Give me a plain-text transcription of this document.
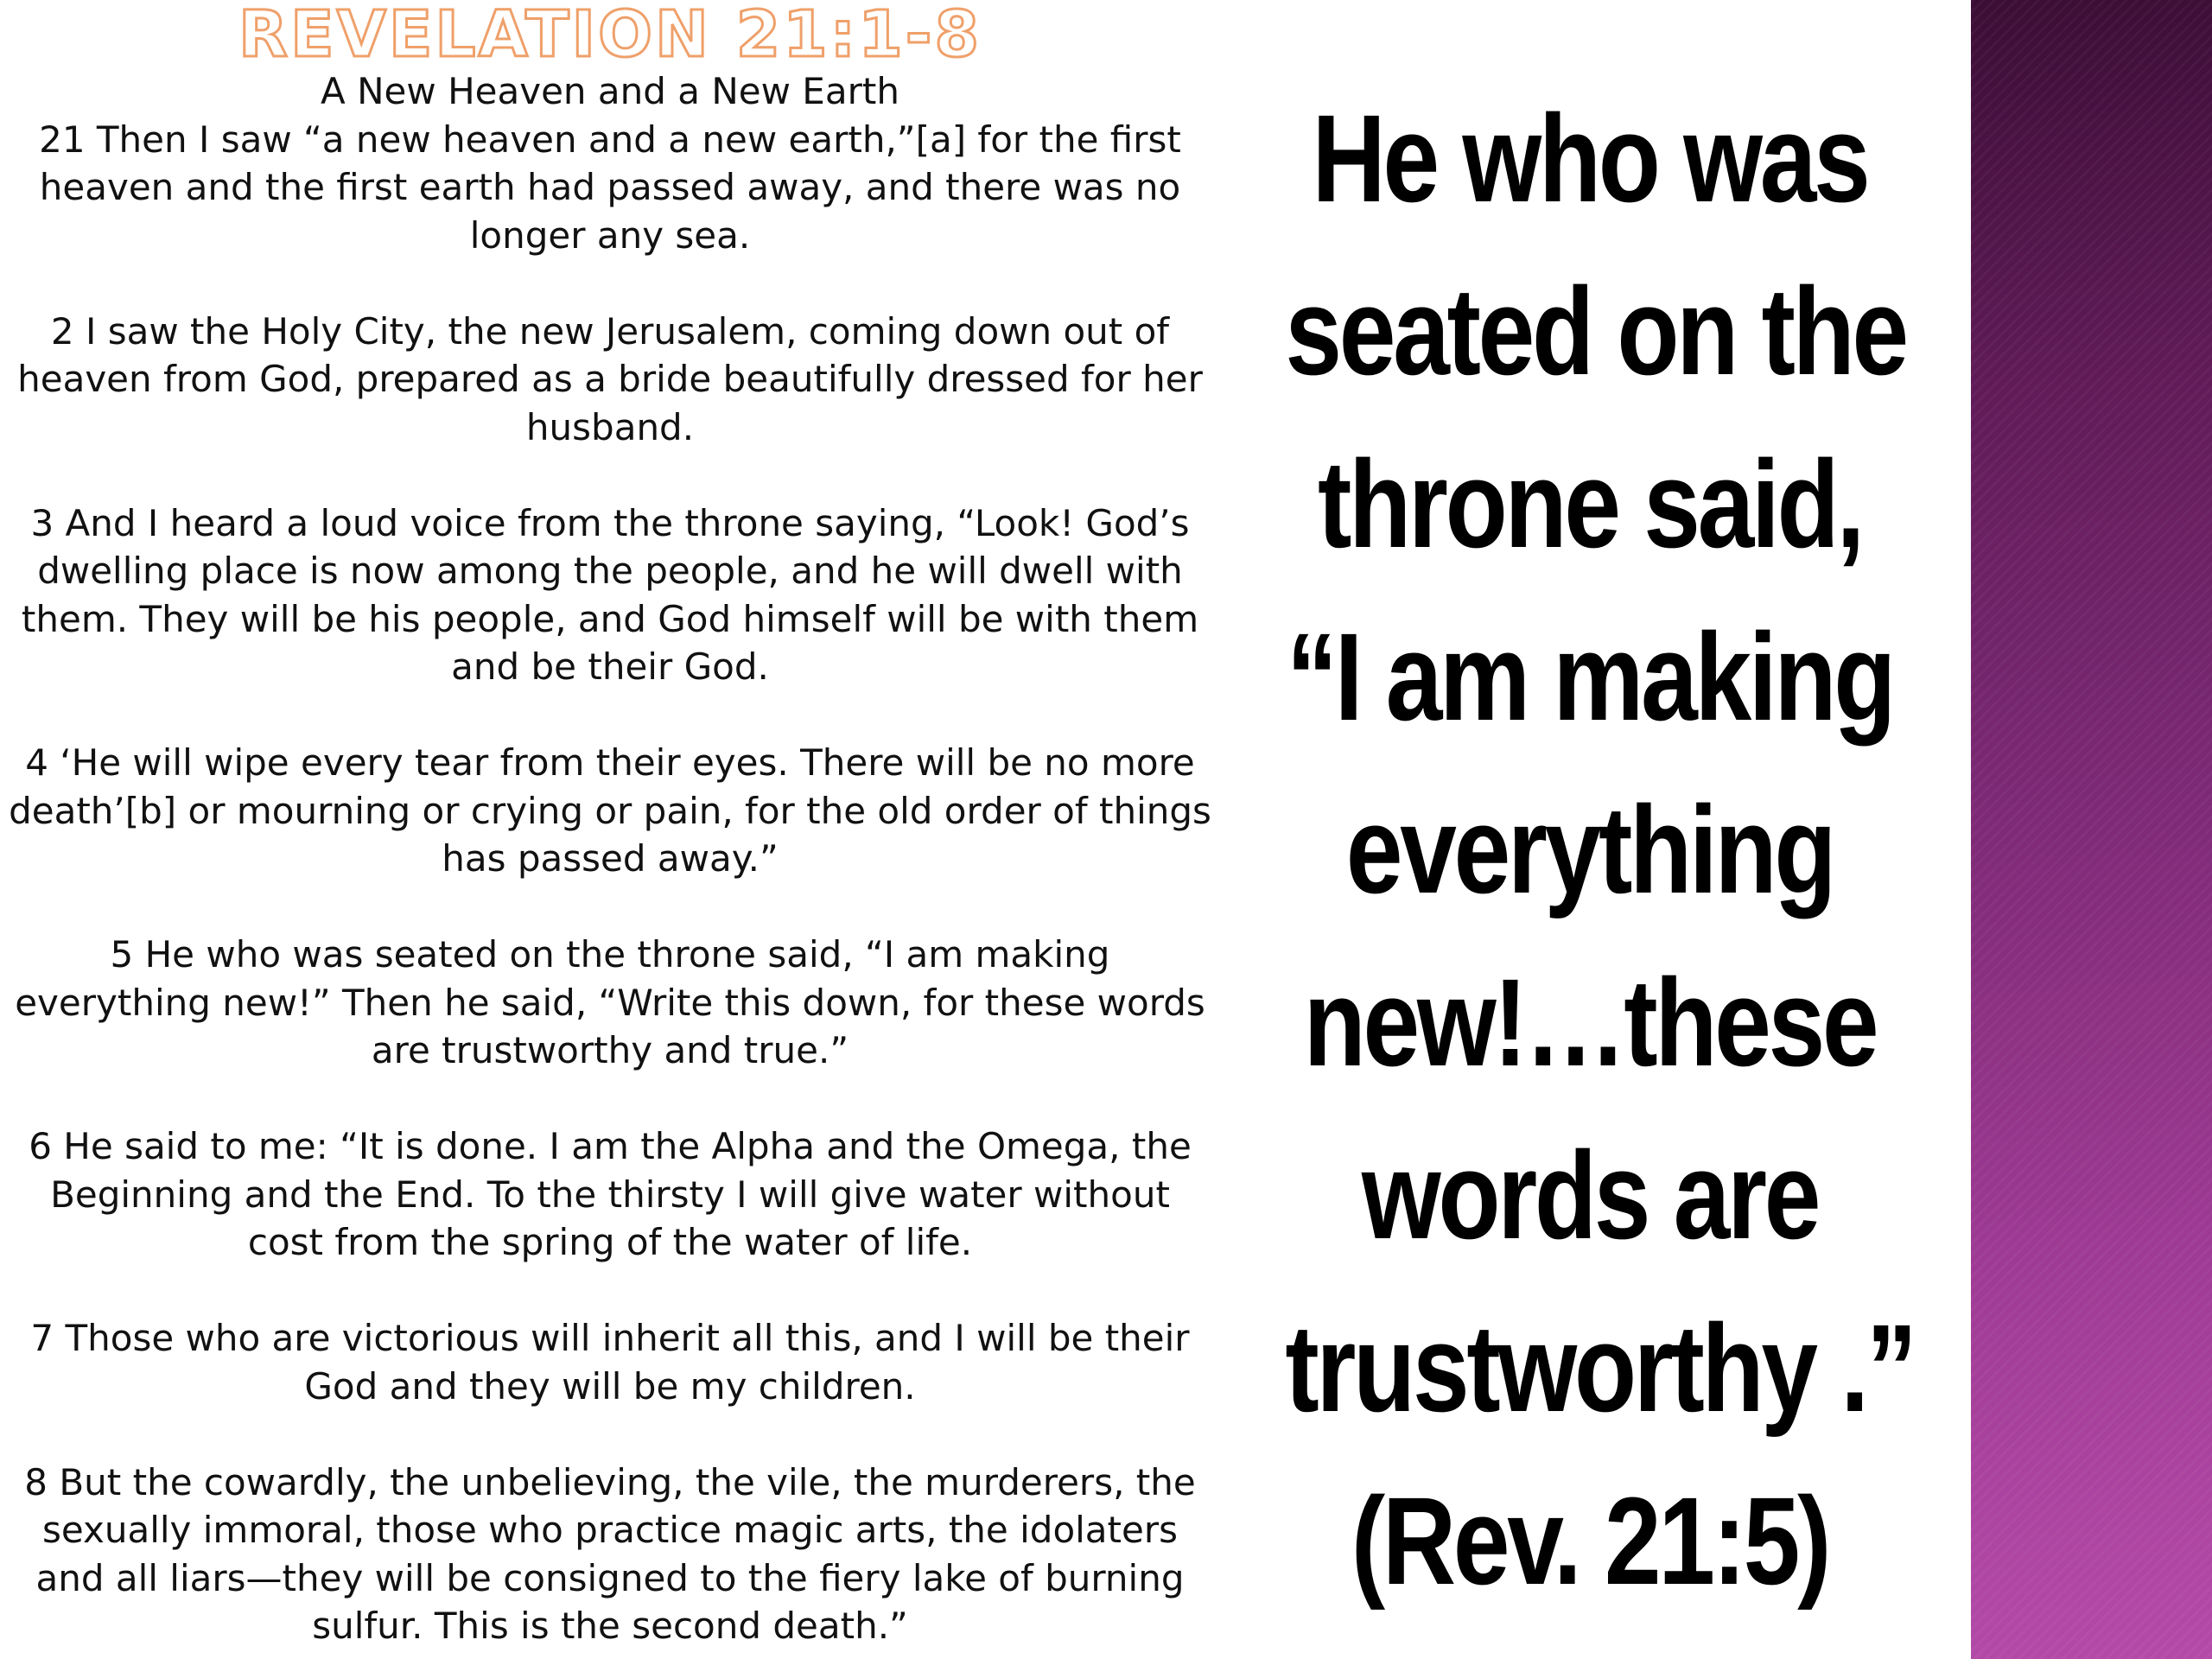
REVELATION 21:1-8

A New Heaven and a New Earth

21 Then I saw “a new heaven and a new earth,”[a] for the first heaven and the first earth had passed away, and there was no longer any sea.

2 I saw the Holy City, the new Jerusalem, coming down out of heaven from God, prepared as a bride beautifully dressed for her husband.

3 And I heard a loud voice from the throne saying, “Look! God’s dwelling place is now among the people, and he will dwell with them. They will be his people, and God himself will be with them and be their God.

4 ‘He will wipe every tear from their eyes. There will be no more death’[b] or mourning or crying or pain, for the old order of things has passed away.”

5 He who was seated on the throne said, “I am making everything new!” Then he said, “Write this down, for these words are trustworthy and true.”

6 He said to me: “It is done. I am the Alpha and the Omega, the Beginning and the End. To the thirsty I will give water without cost from the spring of the water of life.

7 Those who are victorious will inherit all this, and I will be their God and they will be my children.

8 But the cowardly, the unbelieving, the vile, the murderers, the sexually immoral, those who practice magic arts, the idolaters and all liars—they will be consigned to the fiery lake of burning sulfur. This is the second death.”

He who was
seated on the
throne said,
“I am making
everything
new!…these
words are
trustworthy .”
(Rev. 21:5)
